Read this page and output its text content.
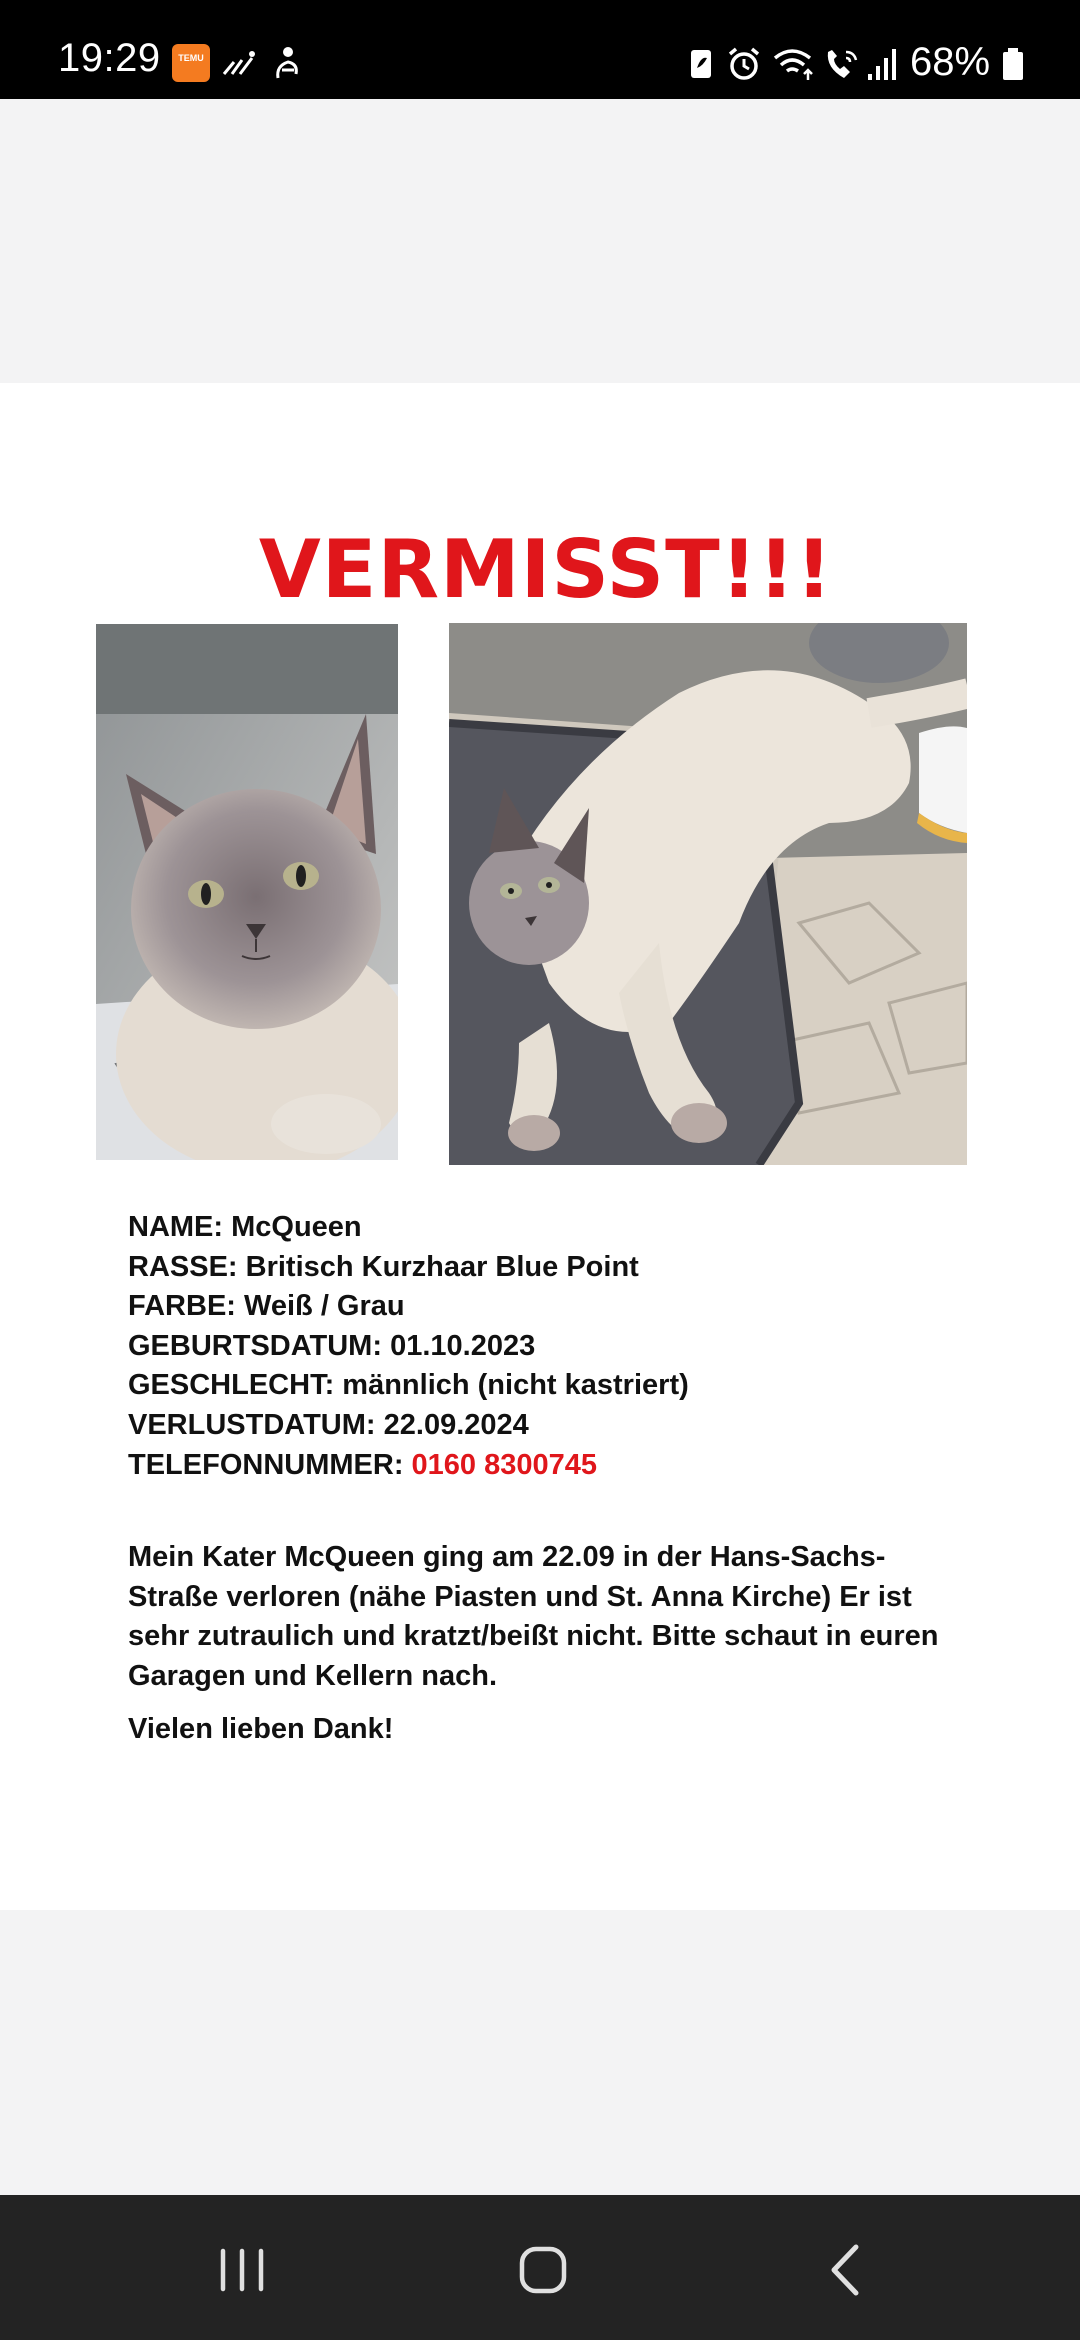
19:29	TEMU	68%
VERMISST!!!
NAME: McQueen
RASSE: Britisch Kurzhaar Blue Point
FARBE: Weiß / Grau
GEBURTSDATUM: 01.10.2023
GESCHLECHT: männlich (nicht kastriert)
VERLUSTDATUM: 22.09.2024
TELEFONNUMMER: 0160 8300745
Mein Kater McQueen ging am 22.09 in der Hans-Sachs-
Straße verloren (nähe Piasten und St. Anna Kirche) Er ist
sehr zutraulich und kratzt/beißt nicht. Bitte schaut in euren
Garagen und Kellern nach.
Vielen lieben Dank!
